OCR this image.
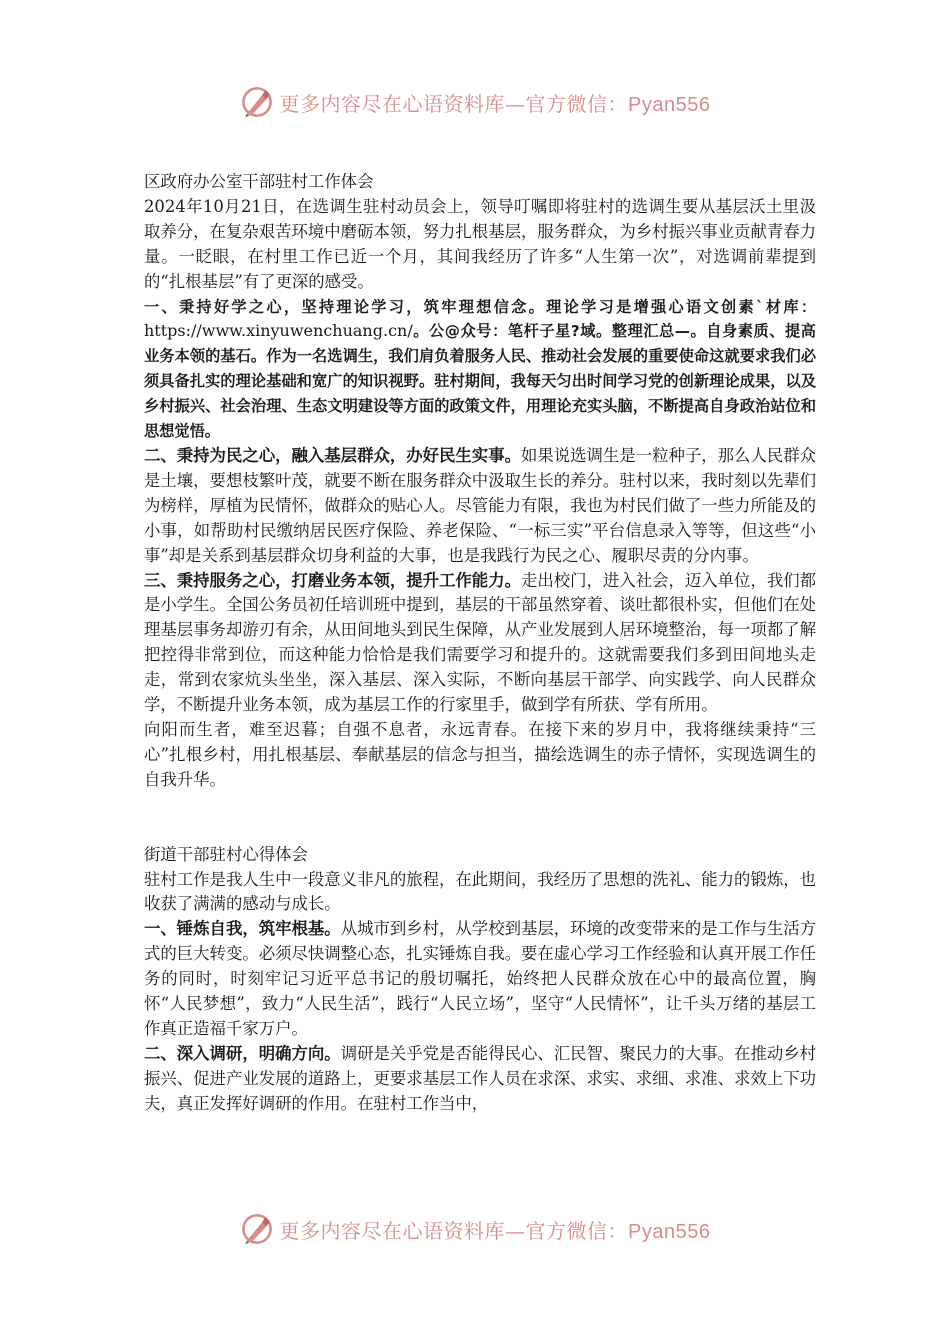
更多内容尽在心语资料库—官方微信：Pyan556

区政府办公室干部驻村工作体会

2024年10月21日，在选调生驻村动员会上，领导叮嘱即将驻村的选调生要从基层沃土里汲取养分，在复杂艰苦环境中磨砺本领，努力扎根基层，服务群众，为乡村振兴事业贡献青春力量。一眨眼，在村里工作已近一个月，其间我经历了许多“人生第一次”，对选调前辈提到的“扎根基层”有了更深的感受。

一、秉持好学之心，坚持理论学习，筑牢理想信念。理论学习是增强心语文创素`材库：https://www.xinyuwenchuang.cn/。公@众号：笔杆子星?域。整理汇总—。自身素质、提高业务本领的基石。作为一名选调生，我们肩负着服务人民、推动社会发展的重要使命这就要求我们必须具备扎实的理论基础和宽广的知识视野。驻村期间，我每天匀出时间学习党的创新理论成果，以及乡村振兴、社会治理、生态文明建设等方面的政策文件，用理论充实头脑，不断提高自身政治站位和思想觉悟。

二、秉持为民之心，融入基层群众，办好民生实事。如果说选调生是一粒种子，那么人民群众是土壤，要想枝繁叶茂，就要不断在服务群众中汲取生长的养分。驻村以来，我时刻以先辈们为榜样，厚植为民情怀，做群众的贴心人。尽管能力有限，我也为村民们做了一些力所能及的小事，如帮助村民缴纳居民医疗保险、养老保险、“一标三实”平台信息录入等等，但这些“小事”却是关系到基层群众切身利益的大事，也是我践行为民之心、履职尽责的分内事。

三、秉持服务之心，打磨业务本领，提升工作能力。走出校门，进入社会，迈入单位，我们都是小学生。全国公务员初任培训班中提到，基层的干部虽然穿着、谈吐都很朴实，但他们在处理基层事务却游刃有余，从田间地头到民生保障，从产业发展到人居环境整治，每一项都了解把控得非常到位，而这种能力恰恰是我们需要学习和提升的。这就需要我们多到田间地头走走，常到农家炕头坐坐，深入基层、深入实际，不断向基层干部学、向实践学、向人民群众学，不断提升业务本领，成为基层工作的行家里手，做到学有所获、学有所用。

向阳而生者，难至迟暮；自强不息者，永远青春。在接下来的岁月中，我将继续秉持“三心”扎根乡村，用扎根基层、奉献基层的信念与担当，描绘选调生的赤子情怀，实现选调生的自我升华。

街道干部驻村心得体会

驻村工作是我人生中一段意义非凡的旅程，在此期间，我经历了思想的洗礼、能力的锻炼，也收获了满满的感动与成长。

一、锤炼自我，筑牢根基。从城市到乡村，从学校到基层，环境的改变带来的是工作与生活方式的巨大转变。必须尽快调整心态，扎实锤炼自我。要在虚心学习工作经验和认真开展工作任务的同时，时刻牢记习近平总书记的殷切嘱托，始终把人民群众放在心中的最高位置，胸怀“人民梦想”，致力“人民生活”，践行“人民立场”，坚守“人民情怀”，让千头万绪的基层工作真正造福千家万户。

二、深入调研，明确方向。调研是关乎党是否能得民心、汇民智、聚民力的大事。在推动乡村振兴、促进产业发展的道路上，更要求基层工作人员在求深、求实、求细、求准、求效上下功夫，真正发挥好调研的作用。在驻村工作当中，

更多内容尽在心语资料库—官方微信：Pyan556
